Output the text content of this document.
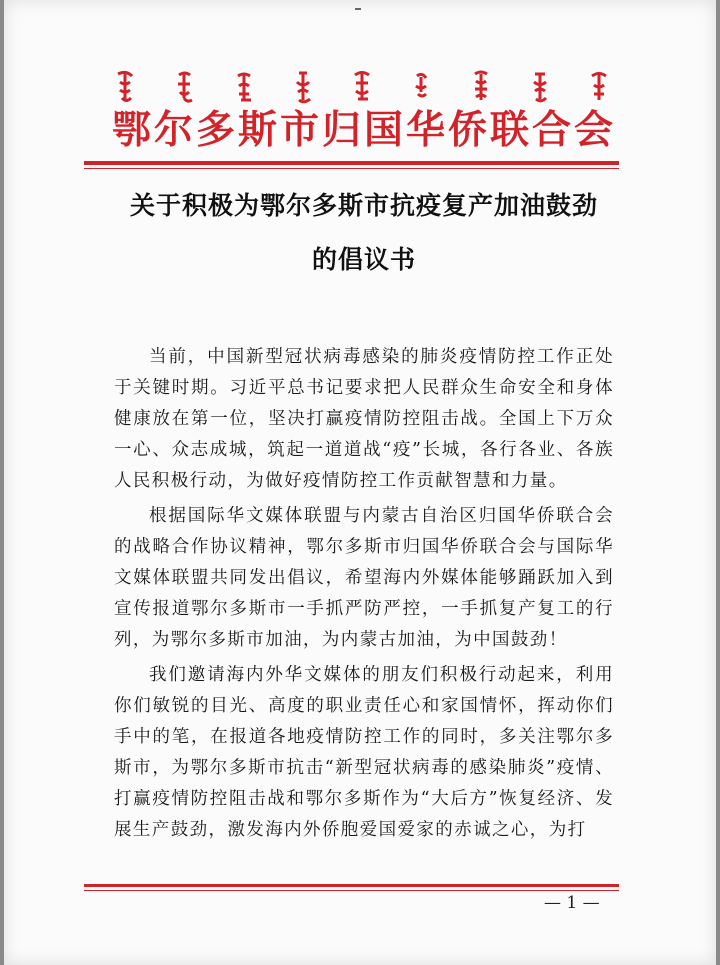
鄂尔多斯市归国华侨联合会
关于积极为鄂尔多斯市抗疫复产加油鼓劲
的倡议书

当前，中国新型冠状病毒感染的肺炎疫情防控工作正处于关键时期。习近平总书记要求把人民群众生命安全和身体健康放在第一位，坚决打赢疫情防控阻击战。全国上下万众一心、众志成城，筑起一道道战“疫”长城，各行各业、各族人民积极行动，为做好疫情防控工作贡献智慧和力量。

根据国际华文媒体联盟与内蒙古自治区归国华侨联合会的战略合作协议精神，鄂尔多斯市归国华侨联合会与国际华文媒体联盟共同发出倡议，希望海内外媒体能够踊跃加入到宣传报道鄂尔多斯市一手抓严防严控，一手抓复产复工的行列，为鄂尔多斯市加油，为内蒙古加油，为中国鼓劲！

我们邀请海内外华文媒体的朋友们积极行动起来，利用你们敏锐的目光、高度的职业责任心和家国情怀，挥动你们手中的笔，在报道各地疫情防控工作的同时，多关注鄂尔多斯市，为鄂尔多斯市抗击“新型冠状病毒的感染肺炎”疫情、打赢疫情防控阻击战和鄂尔多斯作为“大后方”恢复经济、发展生产鼓劲，激发海内外侨胞爱国爱家的赤诚之心，为打

— 1 —
